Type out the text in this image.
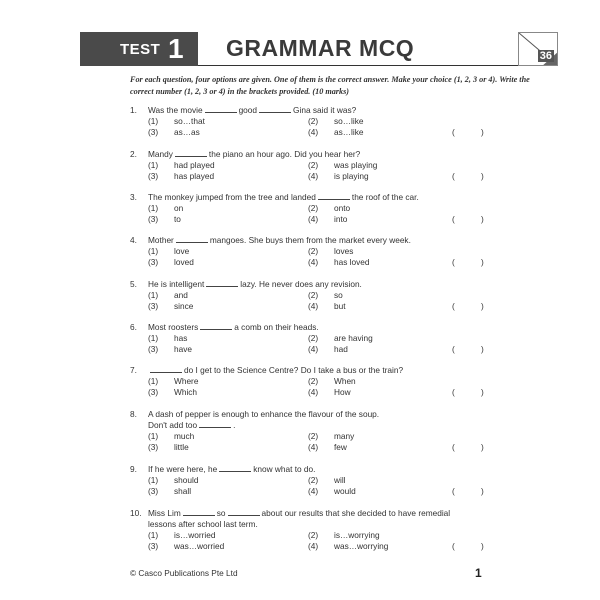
TEST 1 GRAMMAR MCQ	36
For each question, four options are given. One of them is the correct answer. Make your choice (1, 2, 3 or 4). Write the correct number (1, 2, 3 or 4) in the brackets provided. (10 marks)
1. Was the movie	good	Gina said it was?
(1) so…that	(2) so…like
(3) as…as	(4) as…like	(	)
2. Mandy	the piano an hour ago. Did you hear her?
(1) had played	(2) was playing
(3) has played	(4) is playing	(	)
3. The monkey jumped from the tree and landed	the roof of the car.
(1) on	(2) onto
(3) to	(4) into	(	)
4. Mother	mangoes. She buys them from the market every week.
(1) love	(2) loves
(3) loved	(4) has loved	(	)
5. He is intelligent	lazy. He never does any revision.
(1) and	(2) so
(3) since	(4) but	(	)
6. Most roosters	a comb on their heads.
(1) has	(2) are having
(3) have	(4) had	(	)
7.	do I get to the Science Centre? Do I take a bus or the train?
(1) Where	(2) When
(3) Which	(4) How	(	)
8. A dash of pepper is enough to enhance the flavour of the soup.
Don't add too	.
(1) much	(2) many
(3) little	(4) few	(	)
9. If he were here, he	know what to do.
(1) should	(2) will
(3) shall	(4) would	(	)
10. Miss Lim	so	about our results that she decided to have remedial
lessons after school last term.
(1) is…worried	(2) is…worrying
(3) was…worried	(4) was…worrying	(	)
© Casco Publications Pte Ltd	1
